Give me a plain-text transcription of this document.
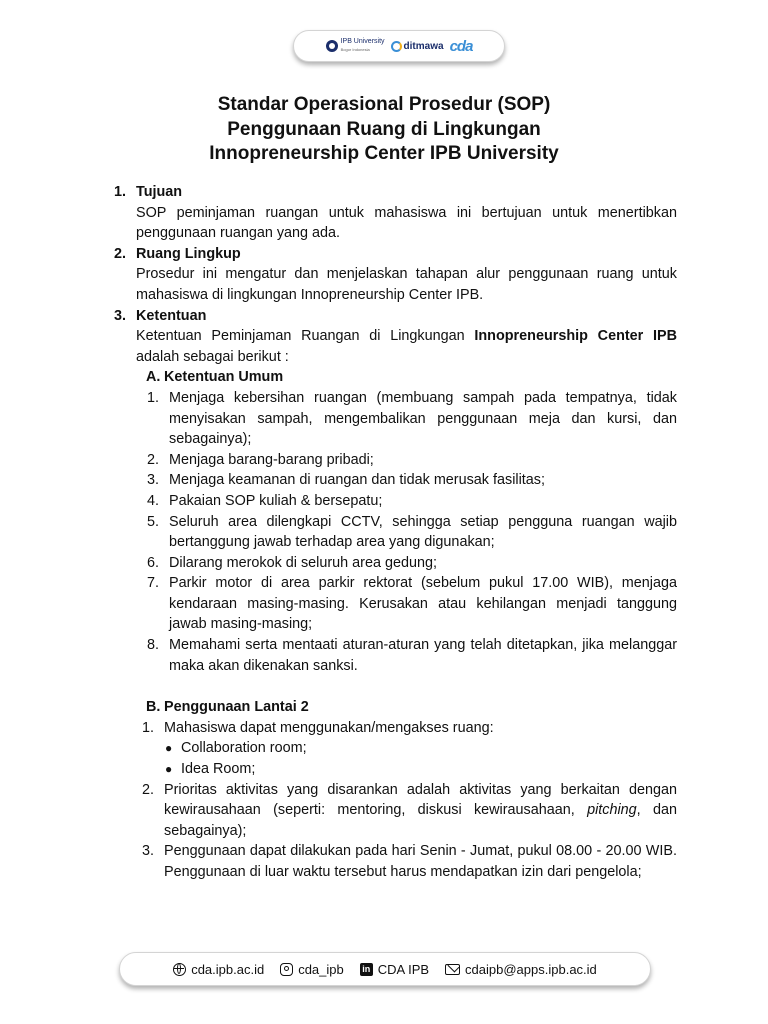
IPB University
Bogor Indonesia	ditmawa cda
Standar Operasional Prosedur (SOP)
Penggunaan Ruang di Lingkungan
Innopreneurship Center IPB University
1. Tujuan
SOP peminjaman ruangan untuk mahasiswa ini bertujuan untuk menertibkan penggunaan ruangan yang ada.
2. Ruang Lingkup
Prosedur ini mengatur dan menjelaskan tahapan alur penggunaan ruang untuk mahasiswa di lingkungan Innopreneurship Center IPB.
3. Ketentuan
Ketentuan Peminjaman Ruangan di Lingkungan Innopreneurship Center IPB adalah sebagai berikut :
A. Ketentuan Umum
1. Menjaga kebersihan ruangan (membuang sampah pada tempatnya, tidak menyisakan sampah, mengembalikan penggunaan meja dan kursi, dan sebagainya);
2. Menjaga barang-barang pribadi;
3. Menjaga keamanan di ruangan dan tidak merusak fasilitas;
4. Pakaian SOP kuliah & bersepatu;
5. Seluruh area dilengkapi CCTV, sehingga setiap pengguna ruangan wajib bertanggung jawab terhadap area yang digunakan;
6. Dilarang merokok di seluruh area gedung;
7. Parkir motor di area parkir rektorat (sebelum pukul 17.00 WIB), menjaga kendaraan masing-masing. Kerusakan atau kehilangan menjadi tanggung jawab masing-masing;
8. Memahami serta mentaati aturan-aturan yang telah ditetapkan, jika melanggar maka akan dikenakan sanksi.
B. Penggunaan Lantai 2
1. Mahasiswa dapat menggunakan/mengakses ruang:
● Collaboration room;
● Idea Room;
2. Prioritas aktivitas yang disarankan adalah aktivitas yang berkaitan dengan kewirausahaan (seperti: mentoring, diskusi kewirausahaan, pitching, dan sebagainya);
3. Penggunaan dapat dilakukan pada hari Senin - Jumat, pukul 08.00 - 20.00 WIB. Penggunaan di luar waktu tersebut harus mendapatkan izin dari pengelola;
cda.ipb.ac.id	cda_ipb in CDA IPB	cdaipb@apps.ipb.ac.id
